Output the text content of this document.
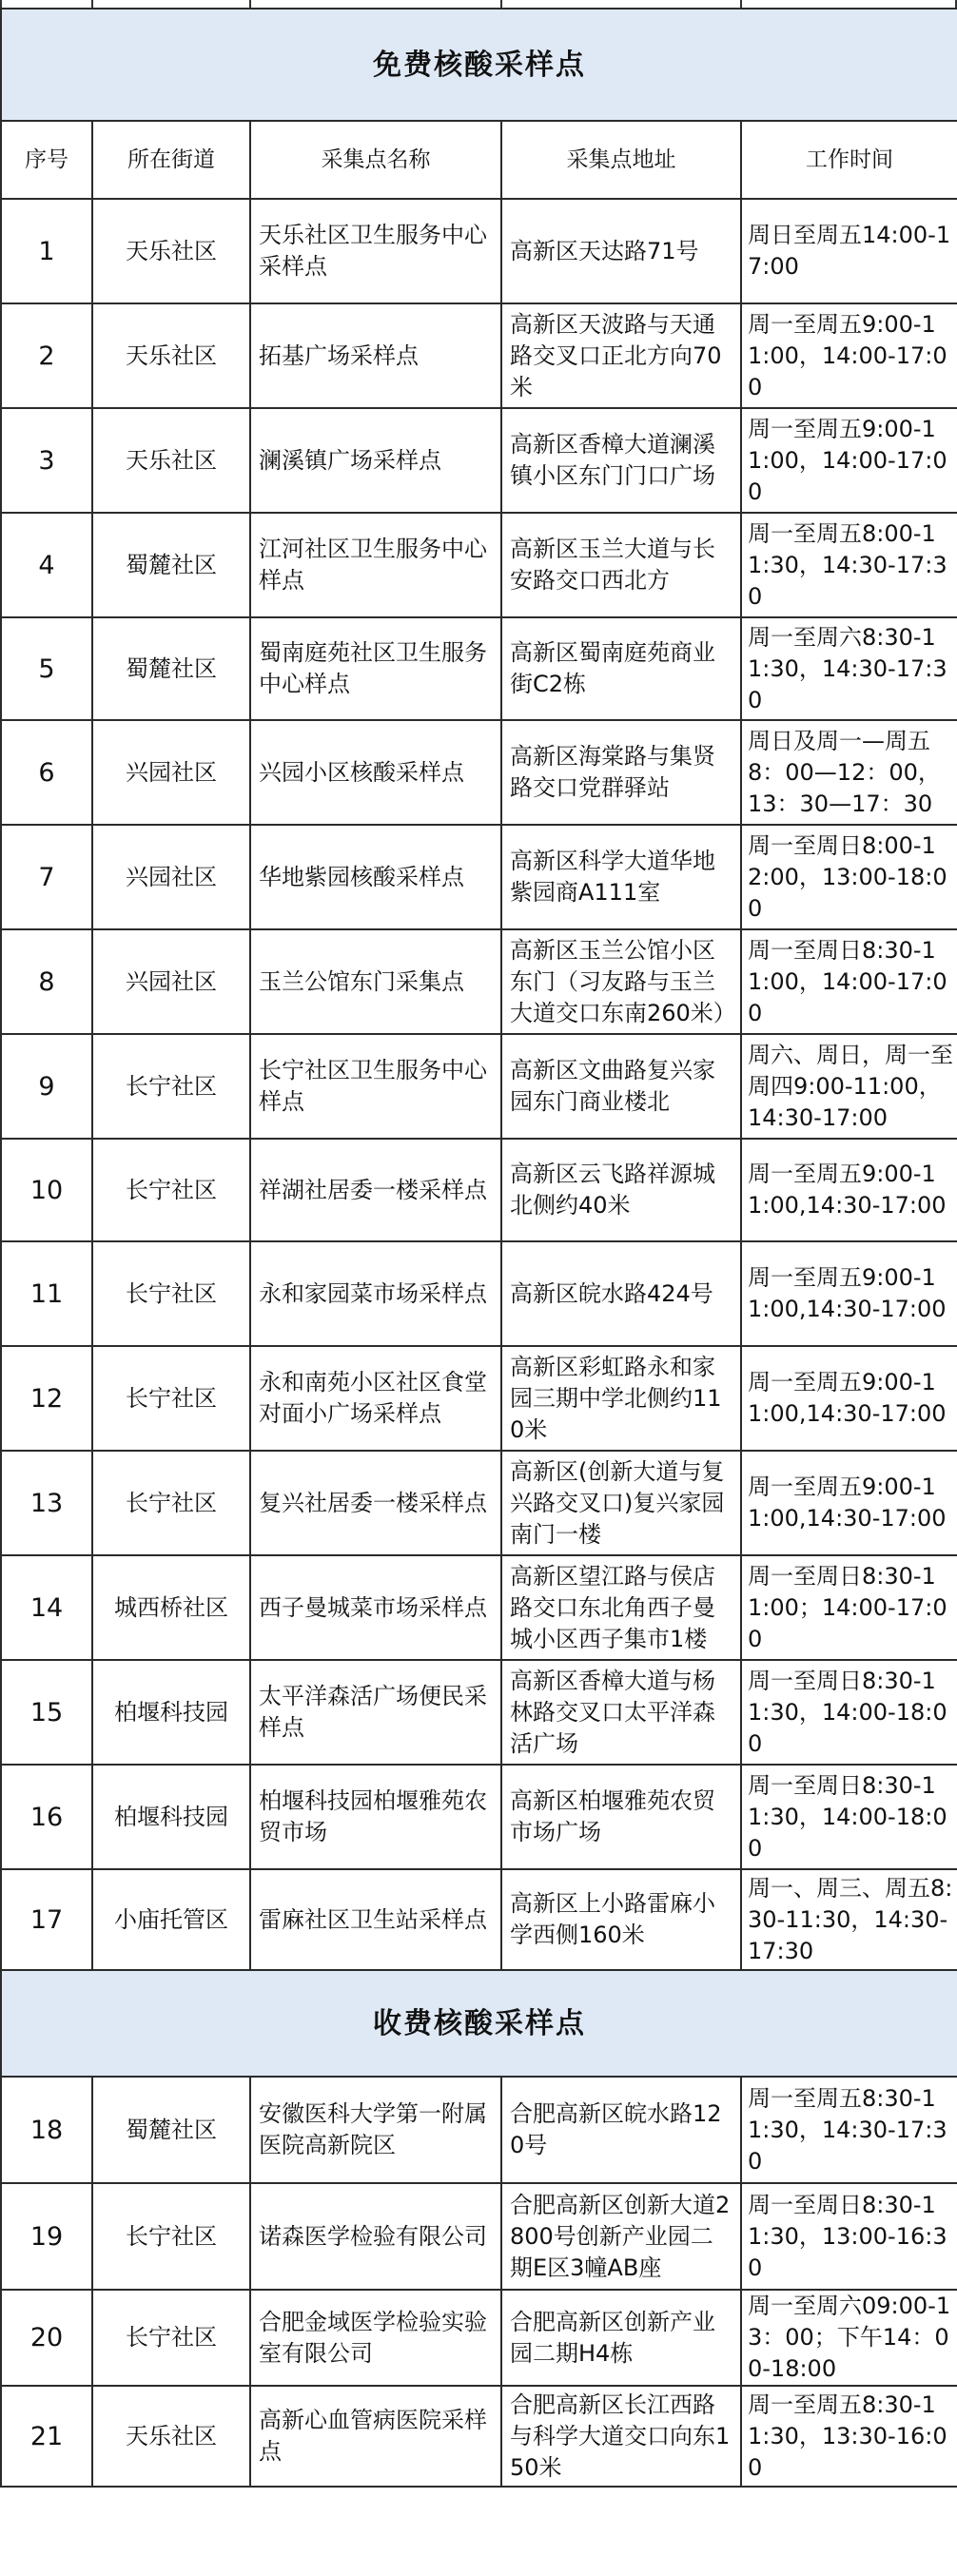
免费核酸采样点				
序号	所在街道	采集点名称	采集点地址	工作时间
1	天乐社区	天乐社区卫生服务中心采样点	高新区天达路71号	周日至周五14:00-17:00
2	天乐社区	拓基广场采样点	高新区天波路与天通路交叉口正北方向70米	周一至周五9:00-11:00，14:00-17:00
3	天乐社区	澜溪镇广场采样点	高新区香樟大道澜溪镇小区东门门口广场	周一至周五9:00-11:00，14:00-17:00
4	蜀麓社区	江河社区卫生服务中心样点	高新区玉兰大道与长安路交口西北方	周一至周五8:00-11:30，14:30-17:30
5	蜀麓社区	蜀南庭苑社区卫生服务中心样点	高新区蜀南庭苑商业街C2栋	周一至周六8:30-11:30，14:30-17:30
6	兴园社区	兴园小区核酸采样点	高新区海棠路与集贤路交口党群驿站	周日及周一—周五8：00—12：00，13：30—17：30
7	兴园社区	华地紫园核酸采样点	高新区科学大道华地紫园商A111室	周一至周日8:00-12:00，13:00-18:00
8	兴园社区	玉兰公馆东门采集点	高新区玉兰公馆小区东门（习友路与玉兰大道交口东南260米）	周一至周日8:30-11:00，14:00-17:00
9	长宁社区	长宁社区卫生服务中心样点	高新区文曲路复兴家园东门商业楼北	周六、周日，周一至周四9:00-11:00，14:30-17:00
10	长宁社区	祥湖社居委一楼采样点	高新区云飞路祥源城北侧约40米	周一至周五9:00-11:00,14:30-17:00
11	长宁社区	永和家园菜市场采样点	高新区皖水路424号	周一至周五9:00-11:00,14:30-17:00
12	长宁社区	永和南苑小区社区食堂对面小广场采样点	高新区彩虹路永和家园三期中学北侧约110米	周一至周五9:00-11:00,14:30-17:00
13	长宁社区	复兴社居委一楼采样点	高新区(创新大道与复兴路交叉口)复兴家园南门一楼	周一至周五9:00-11:00,14:30-17:00
14	城西桥社区	西子曼城菜市场采样点	高新区望江路与侯店路交口东北角西子曼城小区西子集市1楼	周一至周日8:30-11:00；14:00-17:00
15	柏堰科技园	太平洋森活广场便民采样点	高新区香樟大道与杨林路交叉口太平洋森活广场	周一至周日8:30-11:30，14:00-18:00
16	柏堰科技园	柏堰科技园柏堰雅苑农贸市场	高新区柏堰雅苑农贸市场广场	周一至周日8:30-11:30，14:00-18:00
17	小庙托管区	雷麻社区卫生站采样点	高新区上小路雷麻小学西侧160米	周一、周三、周五8:30-11:30，14:30-17:30
收费核酸采样点				
18	蜀麓社区	安徽医科大学第一附属医院高新院区	合肥高新区皖水路120号	周一至周五8:30-11:30，14:30-17:30
19	长宁社区	诺森医学检验有限公司	合肥高新区创新大道2800号创新产业园二期E区3幢AB座	周一至周日8:30-11:30，13:00-16:30
20	长宁社区	合肥金域医学检验实验室有限公司	合肥高新区创新产业园二期H4栋	周一至周六09:00-13：00；下午14：00-18:00
21	天乐社区	高新心血管病医院采样点	合肥高新区长江西路与科学大道交口向东150米	周一至周五8:30-11:30，13:30-16:00
